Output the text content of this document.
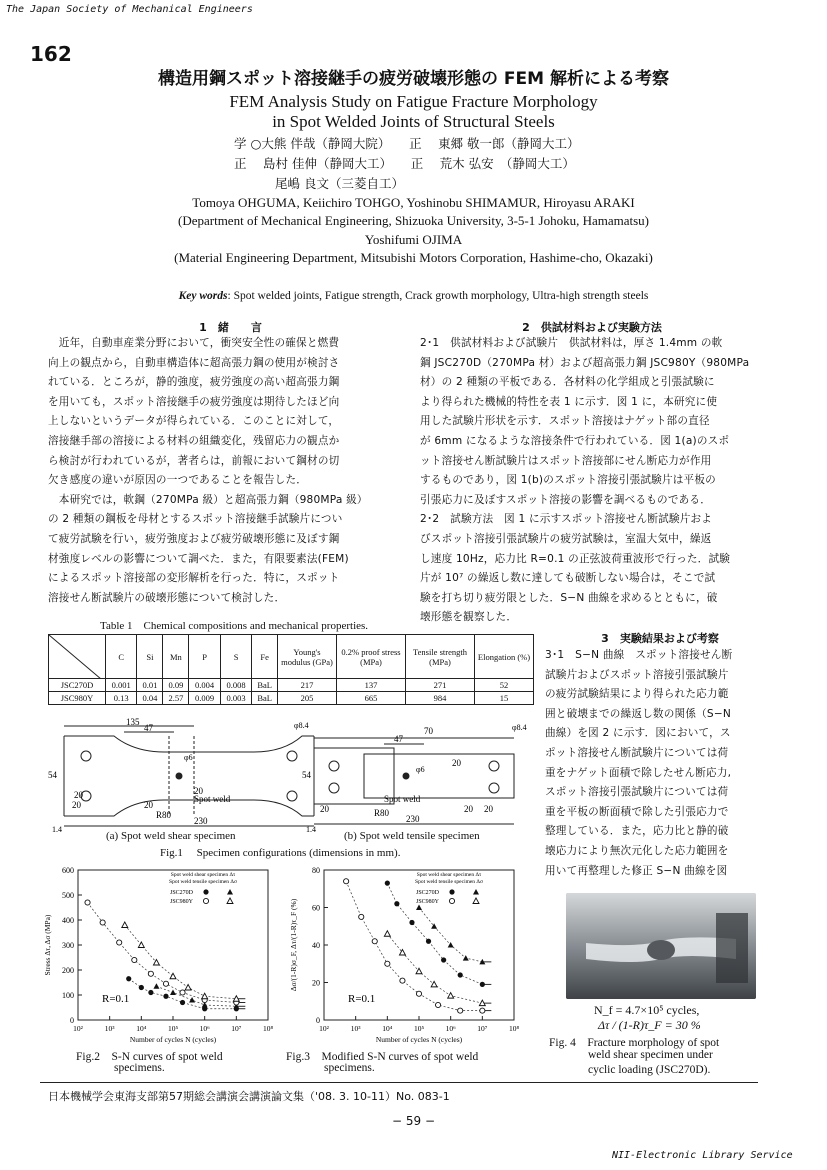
The Japan Society of Mechanical Engineers
162
構造用鋼スポット溶接継手の疲労破壊形態の FEM 解析による考察
FEM Analysis Study on Fatigue Fracture Morphology
in Spot Welded Joints of Structural Steels
学 ○大熊 伴哉（静岡大院）　　正　 東郷 敬一郎（静岡大工）
正　 島村 佳伸（静岡大工）　　正　 荒木 弘安　（静岡大工）
尾嶋 良文（三菱自工）
Tomoya OHGUMA, Keiichiro TOHGO, Yoshinobu SHIMAMUR, Hiroyasu ARAKI
(Department of Mechanical Engineering, Shizuoka University, 3-5-1 Johoku, Hamamatsu)
Yoshifumi OJIMA
(Material Engineering Department, Mitsubishi Motors Corporation, Hashime-cho, Okazaki)
Key words: Spot welded joints, Fatigue strength, Crack growth morphology, Ultra-high strength steels
1　緒　　言

　近年，自動車産業分野において，衝突安全性の確保と燃費

向上の観点から，自動車構造体に超高張力鋼の使用が検討さ

れている．ところが，静的強度，疲労強度の高い超高張力鋼

を用いても，スポット溶接継手の疲労強度は期待したほど向

上しないというデータが得られている．このことに対して，

溶接継手部の溶接による材料の組織変化，残留応力の観点か

ら検討が行われているが，著者らは，前報において鋼材の切

欠き感度の違いが原因の一つであることを報告した．

　本研究では，軟鋼（270MPa 級）と超高張力鋼（980MPa 級）

の 2 種類の鋼板を母材とするスポット溶接継手試験片につい

て疲労試験を行い，疲労強度および疲労破壊形態に及ぼす鋼

材強度レベルの影響について調べた．また，有限要素法(FEM)

によるスポット溶接部の変形解析を行った．特に，スポット

溶接せん断試験片の破壊形態について検討した．

2　供試材料および実験方法

2･1　供試材料および試験片　供試材料は，厚さ 1.4mm の軟

鋼 JSC270D（270MPa 材）および超高張力鋼 JSC980Y（980MPa

材）の 2 種類の平板である．各材料の化学組成と引張試験に

より得られた機械的特性を表 1 に示す．図 1 に，本研究に使

用した試験片形状を示す．スポット溶接はナゲット部の直径

が 6mm になるような溶接条件で行われている．図 1(a)のスポ

ット溶接せん断試験片はスポット溶接部にせん断応力が作用

するものであり，図 1(b)のスポット溶接引張試験片は平板の

引張応力に及ぼすスポット溶接の影響を調べるものである．

2･2　試験方法　図 1 に示すスポット溶接せん断試験片およ

びスポット溶接引張試験片の疲労試験は，室温大気中，繰返

し速度 10Hz，応力比 R=0.1 の正弦波荷重波形で行った．試験

片が 10⁷ の繰返し数に達しても破断しない場合は，そこで試

験を打ち切り疲労限とした．S−N 曲線を求めるとともに，破

壊形態を観察した．

Table 1　Chemical compositions and mechanical properties.
	C	Si	Mn	P	S	Fe	Young's modulus (GPa)	0.2% proof stress (MPa)	Tensile strength (MPa)	Elongation (%)
JSC270D	0.001	0.01	0.09	0.004	0.008	BaL	217	137	271	52
JSC980Y	0.13	0.04	2.57	0.009	0.003	BaL	205	665	984	15
3　実験結果および考察

3･1　S−N 曲線　スポット溶接せん断

試験片およびスポット溶接引張試験片

の疲労試験結果により得られた応力範

囲と破壊までの繰返し数の関係（S−N

曲線）を図 2 に示す．図において，ス

ポット溶接せん断試験片については荷

重をナゲット面積で除したせん断応力,

スポット溶接引張試験片については荷

重を平板の断面積で除した引張応力で

整理している．また，応力比と静的破

壊応力により無次元化した応力範囲を

用いて再整理した修正 S−N 曲線を図

135
47
φ6
φ8.4
54
20
20
20
R80
20
230
1.4
Spot weld
70
47
φ6
φ8.4
54
20
20
20
R80	20
230
1.4
Spot weld
(a) Spot weld shear specimen	(b) Spot weld tensile specimen
Fig.1　 Specimen configurations (dimensions in mm).
0
100
200
300
400
500
600
10²	10³	10⁴	10⁵	10⁶	10⁷	10⁸
Number of cycles N (cycles)
Stress Δτ, Δσ (MPa)
R=0.1
Spot weld shear specimen Δτ
Spot weld tensile specimen Δσ
JSC270D
JSC980Y
0
20
40
60
80
10²	10³	10⁴	10⁵	10⁶	10⁷	10⁸
Number of cycles N (cycles)
Δσ/(1-R)σ_F, Δτ/(1-R)τ_F (%)
R=0.1
Spot weld shear specimen Δτ
Spot weld tensile specimen Δσ
JSC270D
JSC980Y
Fig.2　S-N curves of spot weld
specimens.
Fig.3　Modified S-N curves of spot weld
specimens.
N_f = 4.7×10⁵ cycles,
Δτ / (1-R)τ_F = 30 %
Fig. 4　Fracture morphology of spot
weld shear specimen under
cyclic loading (JSC270D).
日本機械学会東海支部第57期総会講演会講演論文集（'08. 3. 10-11）No. 083-1
− 59 −
NII-Electronic Library Service
